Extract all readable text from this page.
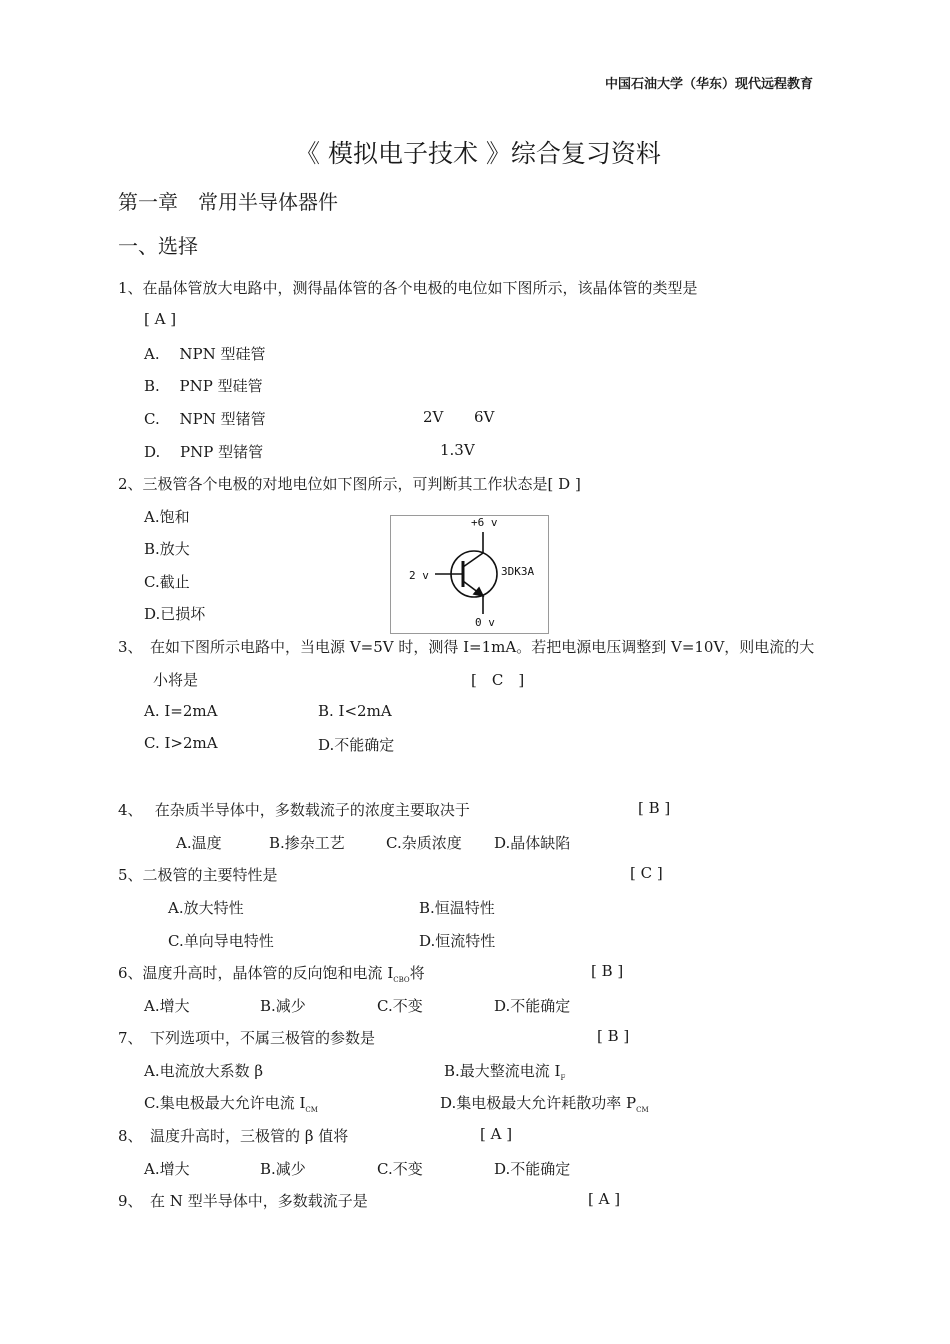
中国石油大学（华东）现代远程教育
《 模拟电子技术 》综合复习资料
第一章　常用半导体器件
一、选择
1、在晶体管放大电路中，测得晶体管的各个电极的电位如下图所示，该晶体管的类型是
[ A ]
A.　 NPN 型硅管
B.　 PNP 型硅管
C.　 NPN 型锗管
D.　 PNP 型锗管
2V 6V
1.3V
2、三极管各个电极的对地电位如下图所示，可判断其工作状态是[ D ]
A.饱和
B.放大
C.截止
D.已损坏
+6 v
2 v	3DK3A
0 v
3、　在如下图所示电路中，当电源 V=5V 时，测得 I=1mA。若把电源电压调整到 V=10V，则电流的大
小将是	[　C　]
A. I=2mA	B. I<2mA
C. I>2mA	D.不能确定
4、　 在杂质半导体中，多数载流子的浓度主要取决于	[ B ]
A.温度	B.掺杂工艺	C.杂质浓度 D.晶体缺陷
5、二极管的主要特性是	[ C ]
A.放大特性	B.恒温特性
C.单向导电特性	D.恒流特性
6、温度升高时，晶体管的反向饱和电流 $I_{CBO}$将	[ B ]
A.增大	B.减少	C.不变	D.不能确定
7、　下列选项中，不属三极管的参数是	[ B ]
A.电流放大系数 β	B.最大整流电流 $I_F$
C.集电极最大允许电流 $I_{CM}$	D.集电极最大允许耗散功率 $P_{CM}$
8、　温度升高时，三极管的 β 值将	[ A ]
A.增大	B.减少	C.不变	D.不能确定
9、　在 N 型半导体中，多数载流子是	[ A ]
